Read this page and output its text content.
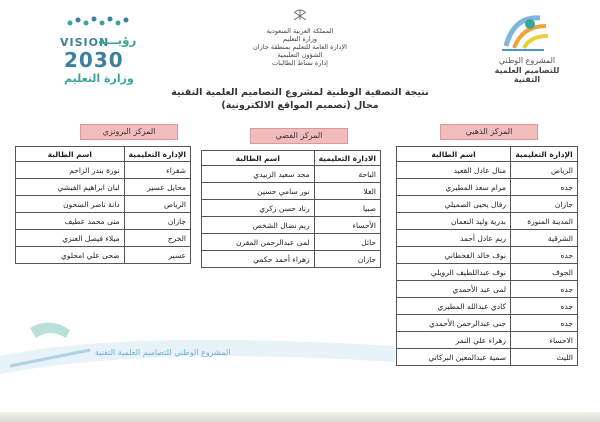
VISION
رؤيـــة
2030
وزارة التعليم
المملكة العربية السعودية
وزارة التعليم
الإدارة العامة للتعليم بمنطقة جازان
الشؤون التعليمية
إدارة نشاط الطالبات	المشروع الوطني
للتصاميم العلمية التقنية
نتيجة التصفية الوطنية لمشروع التصاميم العلمية التقنية
مجال (تصميم المواقع الالكترونية)
المركز البرونزي
الإدارة التعليمية	اسم الطالبة
شقراء	نورة بندر الزاحم
محايل عسير	لبان ابراهيم الفيشي
الرياض	دانة ناصر السحون
جازان	منى محمد عطيف
الخرج	ميلاء فيصل العنزي
عسير	ضحى علي امحلوي
المركز الفضي
الادارة التعليمية	اسم الطالبة
الباحة	مجد سعيد الزبيدي
العلا	نور سامي حسين
صبيا	رناد حسن زكري
الأحساء	ريم نضال الشخص
حائل	لمى عبدالرحمن المقرن
جازان	زهراء أحمد حكمي
المركز الذهبي
الإدارة التعليمية	اسم الطالبة
الرياض	منال عادل القعيد
جده	مرام سعد المطيري
جازان	رفال يحيى الصميلي
المدينة المنورة	بدرية وليد النعمان
الشرقية	ريم عادل أحمد
جده	نوف خالد القحطاني
الجوف	نوف عبداللطيف الرويلي
جده	لمى عبد الأحمدي
جده	كادي عبدالله المطيري
جده	جنى عبدالرحمن الأحمدي
الاحساء	زهراء علي النمر
الليث	سمية عبدالمعين البركاتي
المشروع الوطني للتصاميم العلمية التقنية
